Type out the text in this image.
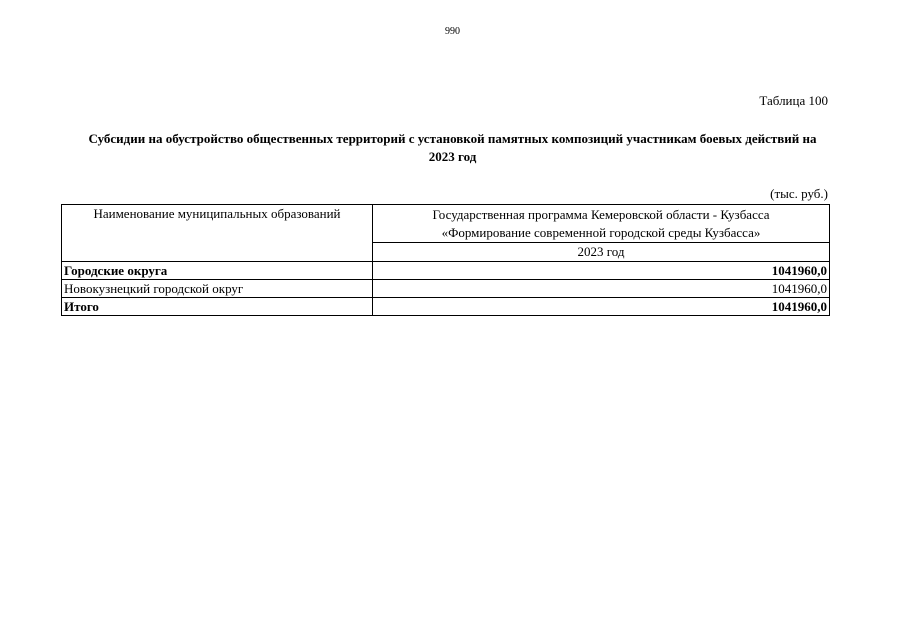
990
Таблица 100
Субсидии на обустройство общественных территорий с установкой памятных композиций участникам боевых действий на 2023 год
(тыс. руб.)
Наименование муниципальных образований	Государственная программа Кемеровской области - Кузбасса
«Формирование современной городской среды Кузбасса»

	2023 год
Городские округа	1041960,0
Новокузнецкий городской округ	1041960,0
Итого	1041960,0
